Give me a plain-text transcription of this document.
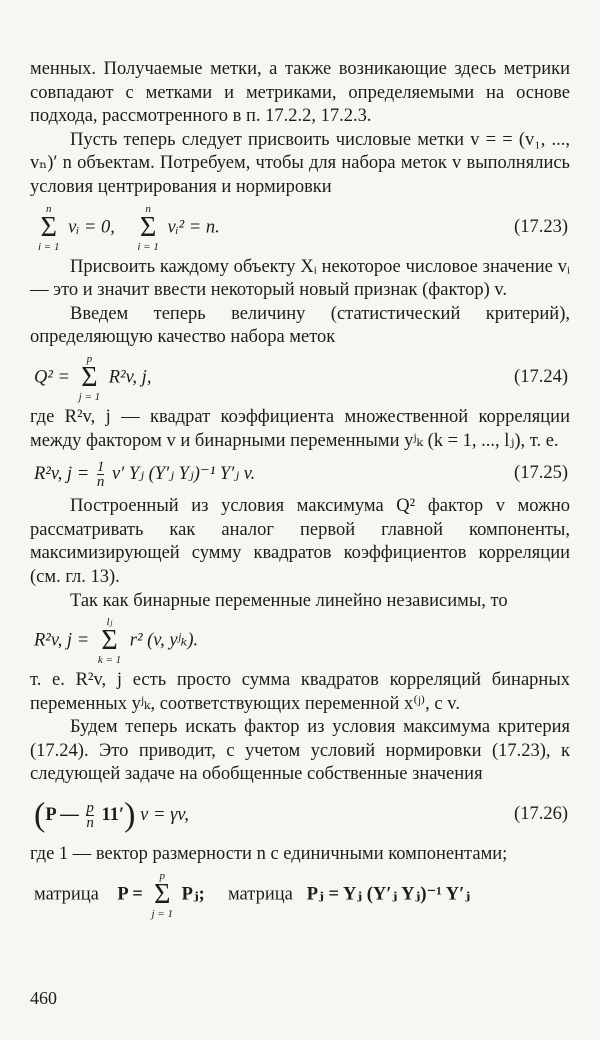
менных. Получаемые метки, а также возникающие здесь метрики совпадают с метками и метриками, определяемыми на основе подхода, рассмотренного в п. 17.2.2, 17.2.3.

Пусть теперь следует присвоить числовые метки v = = (v₁, ..., vₙ)′ n объектам. Потребуем, чтобы для набора меток v выполнялись условия центрирования и нормировки

n
Σ
i = 1
vᵢ = 0,
n
Σ
i = 1
vᵢ² = n.	(17.23)

Присвоить каждому объекту Xᵢ некоторое числовое значение vᵢ — это и значит ввести некоторый новый признак (фактор) v.

Введем теперь величину (статистический критерий), определяющую качество набора меток

Q² =
p
Σ
j = 1
R²v, j,	(17.24)

где R²v, j — квадрат коэффициента множественной корреляции между фактором v и бинарными переменными yʲₖ (k = 1, ..., lⱼ), т. е.

R²v, $j = \frac{1}{n} v'$ Yⱼ (Y′ⱼ Yⱼ)⁻¹ Y′ⱼ v.	(17.25)

Построенный из условия максимума Q² фактор v можно рассматривать как аналог первой главной компоненты, максимизирующей сумму квадратов коэффициентов корреляции (см. гл. 13).

Так как бинарные переменные линейно независимы, то

R²v, j =
lⱼ
Σ
k = 1
r² (v, yʲₖ).

т. е. R²v, j есть просто сумма квадратов корреляций бинарных переменных yʲₖ, соответствующих переменной x⁽ʲ⁾, с v.

Будем теперь искать фактор из условия максимума критерия (17.24). Это приводит, с учетом условий нормировки (17.23), к следующей задаче на обобщенные собственные значения

(P — $\frac{p}{n} 11'$) v = γv,	(17.26)

где 1 — вектор размерности n с единичными компонентами;

матрица P =
p
Σ
j = 1
Pⱼ; матрица Pⱼ = Yⱼ (Y′ⱼ Yⱼ)⁻¹ Y′ⱼ
460
